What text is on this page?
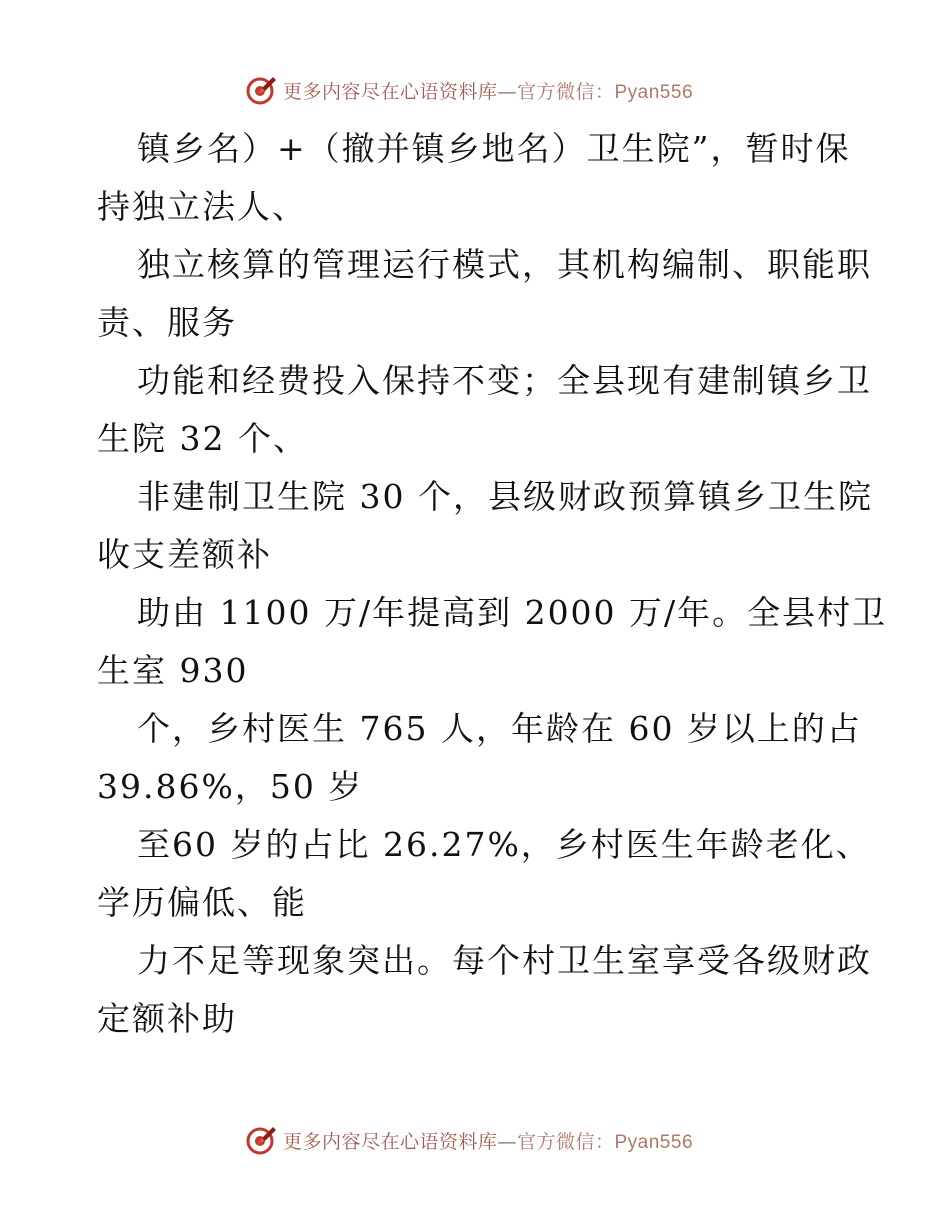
更多内容尽在心语资料库—官方微信：Pyan556
镇乡名）+（撤并镇乡地名）卫生院”，暂时保
持独立法人、
独立核算的管理运行模式，其机构编制、职能职
责、服务
功能和经费投入保持不变；全县现有建制镇乡卫
生院 32 个、
非建制卫生院 30 个，县级财政预算镇乡卫生院
收支差额补
助由 1100 万/年提高到 2000 万/年。全县村卫
生室 930
个，乡村医生 765 人，年龄在 60 岁以上的占
39.86%，50 岁
至60 岁的占比 26.27%，乡村医生年龄老化、
学历偏低、能
力不足等现象突出。每个村卫生室享受各级财政
定额补助
更多内容尽在心语资料库—官方微信：Pyan556
